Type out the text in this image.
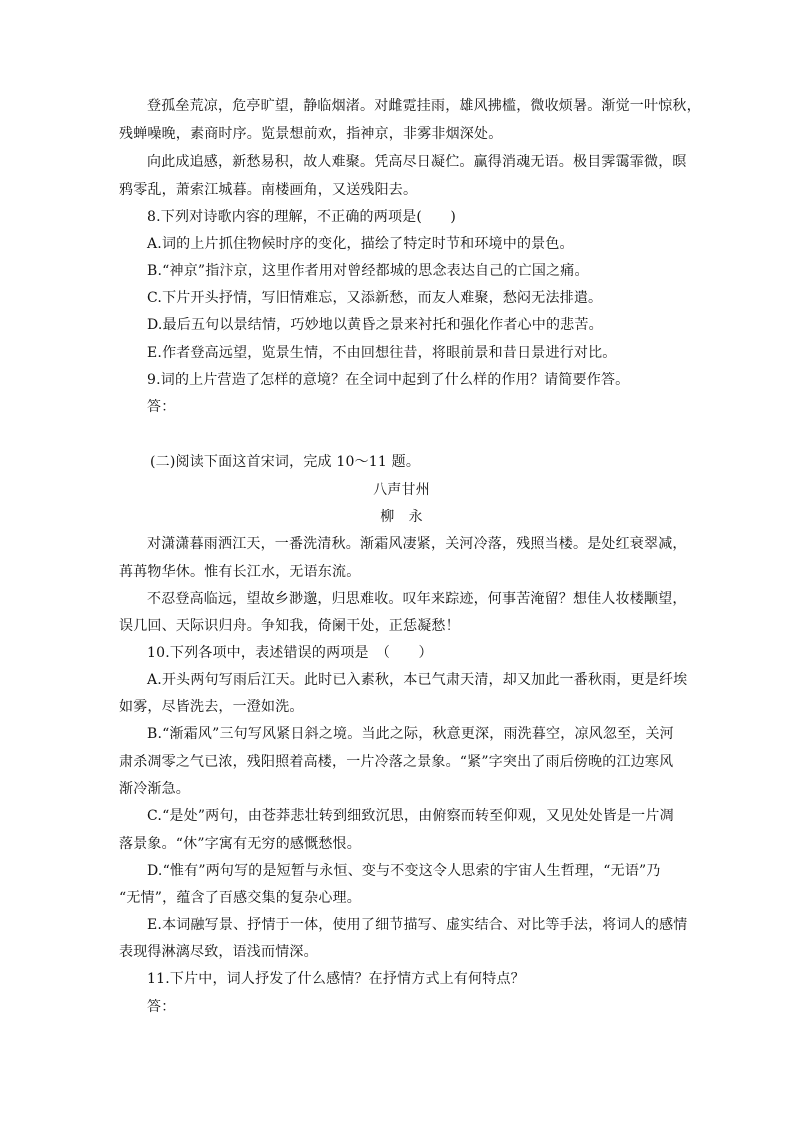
登孤垒荒凉，危亭旷望，静临烟渚。对雌霓挂雨，雄风拂槛，微收烦暑。渐觉一叶惊秋，
残蝉噪晚，素商时序。览景想前欢，指神京，非雾非烟深处。
向此成追感，新愁易积，故人难聚。凭高尽日凝伫。赢得消魂无语。极目霁霭霏微，暝
鸦零乱，萧索江城暮。南楼画角，又送残阳去。
8.下列对诗歌内容的理解，不正确的两项是(　　)
A.词的上片抓住物候时序的变化，描绘了特定时节和环境中的景色。
B.“神京”指汴京，这里作者用对曾经都城的思念表达自己的亡国之痛。
C.下片开头抒情，写旧情难忘，又添新愁，而友人难聚，愁闷无法排遣。
D.最后五句以景结情，巧妙地以黄昏之景来衬托和强化作者心中的悲苦。
E.作者登高远望，览景生情，不由回想往昔，将眼前景和昔日景进行对比。
9.词的上片营造了怎样的意境？在全词中起到了什么样的作用？请简要作答。
答：
(二)阅读下面这首宋词，完成 10～11 题。
八声甘州
柳　永
对潇潇暮雨洒江天，一番洗清秋。渐霜风凄紧，关河冷落，残照当楼。是处红衰翠减，
苒苒物华休。惟有长江水，无语东流。
不忍登高临远，望故乡渺邈，归思难收。叹年来踪迹，何事苦淹留？想佳人妆楼颙望，
误几回、天际识归舟。争知我，倚阑干处，正恁凝愁！
10.下列各项中，表述错误的两项是　（　　）
A.开头两句写雨后江天。此时已入素秋，本已气肃天清，却又加此一番秋雨，更是纤埃
如雾，尽皆洗去，一澄如洗。
B.“渐霜风”三句写风紧日斜之境。当此之际，秋意更深，雨洗暮空，凉风忽至，关河
肃杀凋零之气已浓，残阳照着高楼，一片冷落之景象。“紧”字突出了雨后傍晚的江边寒风
渐冷渐急。
C.“是处”两句，由苍莽悲壮转到细致沉思，由俯察而转至仰观，又见处处皆是一片凋
落景象。“休”字寓有无穷的感慨愁恨。
D.“惟有”两句写的是短暂与永恒、变与不变这令人思索的宇宙人生哲理，“无语”乃
“无情”，蕴含了百感交集的复杂心理。
E.本词融写景、抒情于一体，使用了细节描写、虚实结合、对比等手法，将词人的感情
表现得淋漓尽致，语浅而情深。
11.下片中，词人抒发了什么感情？在抒情方式上有何特点？
答：
